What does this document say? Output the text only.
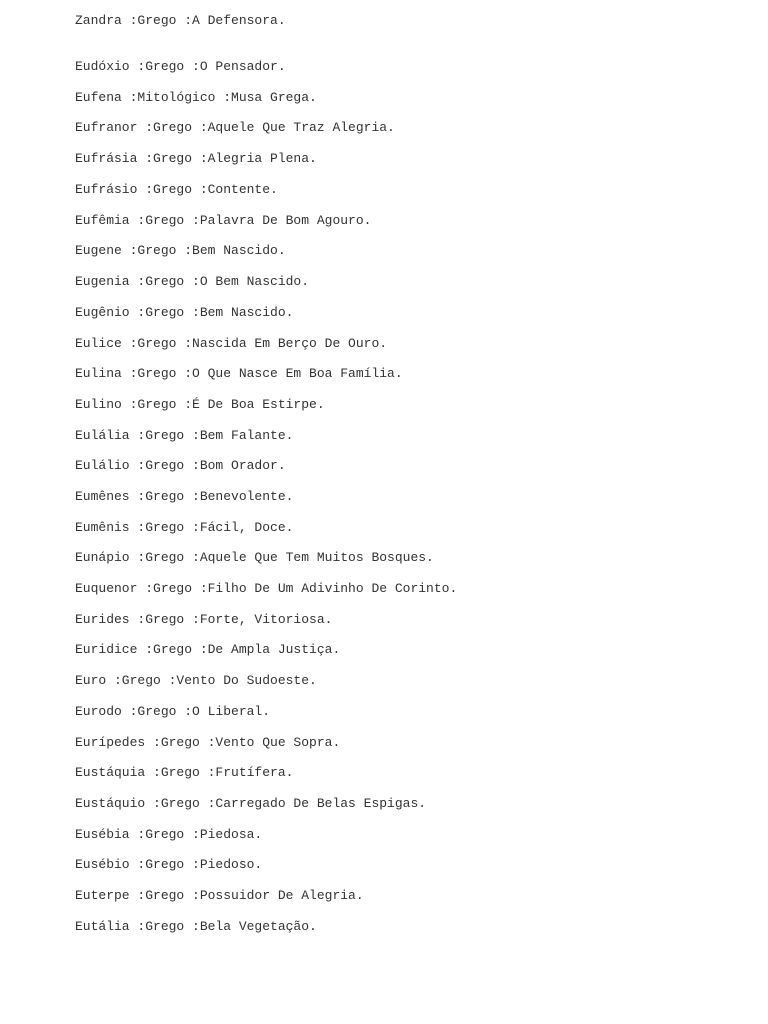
Zandra :Grego :A Defensora.
Eudóxio :Grego :O Pensador.
Eufena :Mitológico :Musa Grega.
Eufranor :Grego :Aquele Que Traz Alegria.
Eufrásia :Grego :Alegria Plena.
Eufrásio :Grego :Contente.
Eufêmia :Grego :Palavra De Bom Agouro.
Eugene :Grego :Bem Nascido.
Eugenia :Grego :O Bem Nascido.
Eugênio :Grego :Bem Nascido.
Eulice :Grego :Nascida Em Berço De Ouro.
Eulina :Grego :O Que Nasce Em Boa Família.
Eulino :Grego :É De Boa Estirpe.
Eulália :Grego :Bem Falante.
Eulálio :Grego :Bom Orador.
Eumênes :Grego :Benevolente.
Eumênis :Grego :Fácil, Doce.
Eunápio :Grego :Aquele Que Tem Muitos Bosques.
Euquenor :Grego :Filho De Um Adivinho De Corinto.
Eurides :Grego :Forte, Vitoriosa.
Euridice :Grego :De Ampla Justiça.
Euro :Grego :Vento Do Sudoeste.
Eurodo :Grego :O Liberal.
Eurípedes :Grego :Vento Que Sopra.
Eustáquia :Grego :Frutífera.
Eustáquio :Grego :Carregado De Belas Espigas.
Eusébia :Grego :Piedosa.
Eusébio :Grego :Piedoso.
Euterpe :Grego :Possuidor De Alegria.
Eutália :Grego :Bela Vegetação.
